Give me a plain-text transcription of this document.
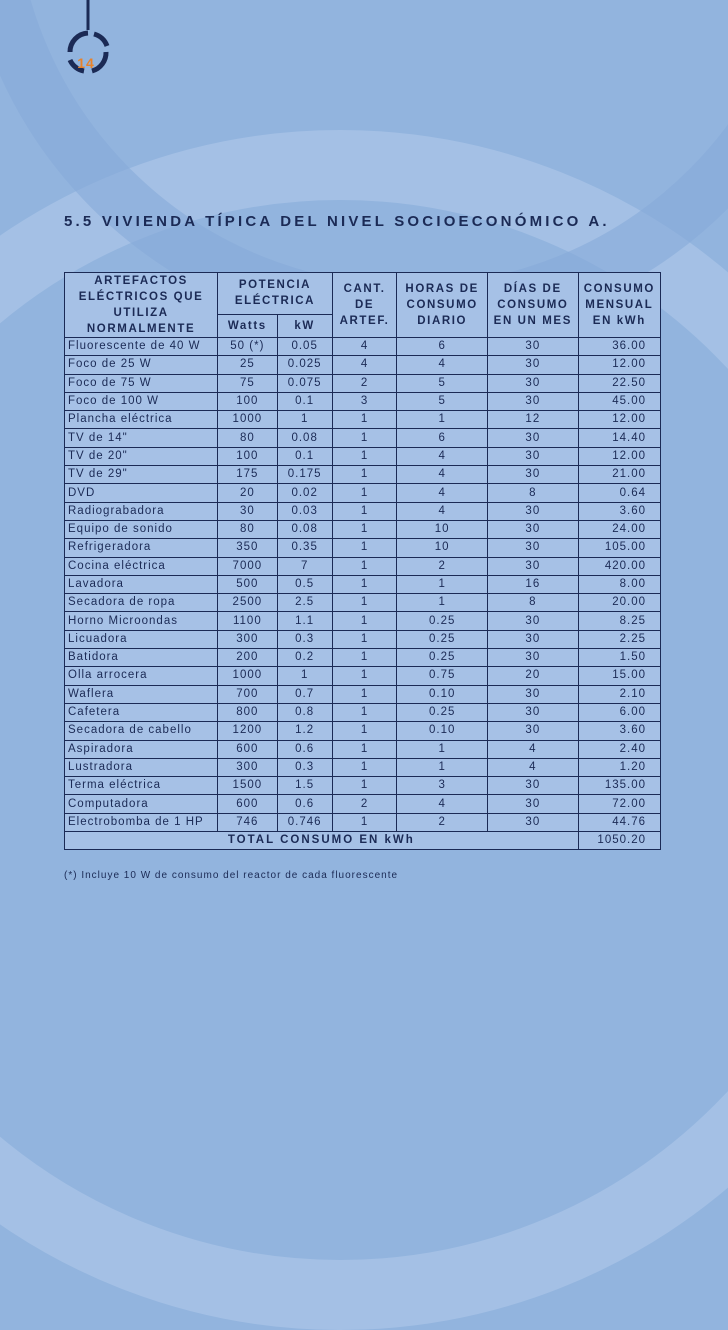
14
5.5 VIVIENDA TÍPICA DEL NIVEL SOCIOECONÓMICO A.
ARTEFACTOS ELÉCTRICOS QUE UTILIZA NORMALMENTE	POTENCIA ELÉCTRICA		CANT. DE ARTEF.	HORAS DE CONSUMO DIARIO	DÍAS DE CONSUMO EN UN MES	CONSUMO MENSUAL EN kWh
	Watts	kW				
Fluorescente de 40 W	50 (*)	0.05	4	6	30	36.00
Foco de 25 W	25	0.025	4	4	30	12.00
Foco de 75 W	75	0.075	2	5	30	22.50
Foco de 100 W	100	0.1	3	5	30	45.00
Plancha eléctrica	1000	1	1	1	12	12.00
TV de 14"	80	0.08	1	6	30	14.40
TV de 20"	100	0.1	1	4	30	12.00
TV de 29"	175	0.175	1	4	30	21.00
DVD	20	0.02	1	4	8	0.64
Radiograbadora	30	0.03	1	4	30	3.60
Equipo de sonido	80	0.08	1	10	30	24.00
Refrigeradora	350	0.35	1	10	30	105.00
Cocina eléctrica	7000	7	1	2	30	420.00
Lavadora	500	0.5	1	1	16	8.00
Secadora de ropa	2500	2.5	1	1	8	20.00
Horno Microondas	1100	1.1	1	0.25	30	8.25
Licuadora	300	0.3	1	0.25	30	2.25
Batidora	200	0.2	1	0.25	30	1.50
Olla arrocera	1000	1	1	0.75	20	15.00
Waflera	700	0.7	1	0.10	30	2.10
Cafetera	800	0.8	1	0.25	30	6.00
Secadora de cabello	1200	1.2	1	0.10	30	3.60
Aspiradora	600	0.6	1	1	4	2.40
Lustradora	300	0.3	1	1	4	1.20
Terma eléctrica	1500	1.5	1	3	30	135.00
Computadora	600	0.6	2	4	30	72.00
Electrobomba de 1 HP	746	0.746	1	2	30	44.76
TOTAL CONSUMO EN kWh						1050.20
(*) Incluye 10 W de consumo del reactor de cada fluorescente
